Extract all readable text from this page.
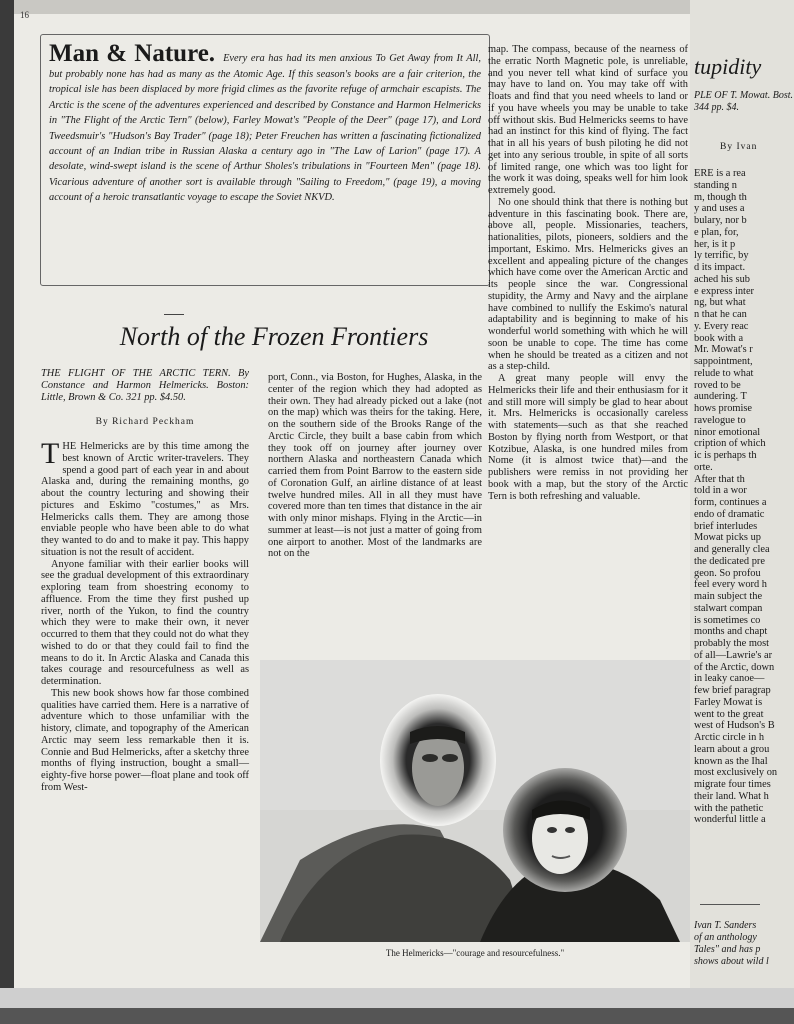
16
Man & Nature. Every era has had its men anxious To Get Away from It All, but probably none has had as many as the Atomic Age. If this season's books are a fair criterion, the tropical isle has been displaced by more frigid climes as the favorite refuge of armchair escapists. The Arctic is the scene of the adventures experienced and described by Constance and Harmon Helmericks in "The Flight of the Arctic Tern" (below), Farley Mowat's "People of the Deer" (page 17), and Lord Tweedsmuir's "Hudson's Bay Trader" (page 18); Peter Freuchen has written a fascinating fictionalized account of an Indian tribe in Russian Alaska a century ago in "The Law of Larion" (page 17). A desolate, wind-swept island is the scene of Arthur Sholes's tribulations in "Fourteen Men" (page 18). Vicarious adventure of another sort is available through "Sailing to Freedom," (page 19), a moving account of a heroic transatlantic voyage to escape the Soviet NKVD.
North of the Frozen Frontiers

THE FLIGHT OF THE ARCTIC TERN. By Constance and Harmon Helmericks. Boston: Little, Brown & Co. 321 pp. $4.50.

By Richard Peckham

THE Helmericks are by this time among the best known of Arctic writer-travelers. They spend a good part of each year in and about Alaska and, during the remaining months, go about the country lecturing and showing their pictures and Eskimo "costumes," as Mrs. Helmericks calls them. They are among those enviable people who have been able to do what they wanted to do and to make it pay. This happy situation is not the result of accident.

Anyone familiar with their earlier books will see the gradual development of this extraordinary exploring team from shoestring economy to affluence. From the time they first pushed up river, north of the Yukon, to find the country which they were to make their own, it never occurred to them that they could not do what they wished to do or that they could fail to find the means to do it. In Arctic Alaska and Canada this takes courage and resourcefulness as well as determination.

This new book shows how far those combined qualities have carried them. Here is a narrative of adventure which to those unfamiliar with the history, climate, and topography of the American Arctic may seem less remarkable then it is. Connie and Bud Helmericks, after a sketchy three months of flying instruction, bought a small—eighty-five horse power—float plane and took off from West-

port, Conn., via Boston, for Hughes, Alaska, in the center of the region which they had adopted as their own. They had already picked out a lake (not on the map) which was theirs for the taking. Here, on the southern side of the Brooks Range of the Arctic Circle, they built a base cabin from which they took off on journey after journey over northern Alaska and northeastern Canada which carried them from Point Barrow to the eastern side of Coronation Gulf, an airline distance of at least twelve hundred miles. All in all they must have covered more than ten times that distance in the air with only minor mishaps. Flying in the Arctic—in summer at least—is not just a matter of going from one airport to another. Most of the landmarks are not on the

map. The compass, because of the nearness of the erratic North Magnetic pole, is unreliable, and you never tell what kind of surface you may have to land on. You may take off with floats and find that you need wheels to land or if you have wheels you may be unable to take off without skis. Bud Helmericks seems to have had an instinct for this kind of flying. The fact that in all his years of bush piloting he did not get into any serious trouble, in spite of all sorts of limited range, one which was too light for the work it was doing, speaks well for him look extremely good.

No one should think that there is nothing but adventure in this fascinating book. There are, above all, people. Missionaries, teachers, nationalities, pilots, pioneers, soldiers and the important, Eskimo. Mrs. Helmericks gives an excellent and appealing picture of the changes which have come over the American Arctic and its people since the war. Congressional stupidity, the Army and Navy and the airplane have combined to nullify the Eskimo's natural adaptability and is beginning to make of his wonderful world something with which he will soon be unable to cope. The time has come when he should be treated as a citizen and not as a step-child.

A great many people will envy the Helmericks their life and their enthusiasm for it and still more will simply be glad to hear about it. Mrs. Helmericks is occasionally careless with statements—such as that she reached Boston by flying north from Westport, or that Kotzibue, Alaska, is one hundred miles from Nome (it is almost twice that)—and the publishers were remiss in not providing her book with a map, but the story of the Arctic Tern is both refreshing and valuable.

The Helmericks—"courage and resourcefulness."
tupidity
PLE OF T. Mowat. Bost. 344 pp. $4.
By Ivan
ERE is a rea
standing n
m, though th
y and uses a
bulary, nor b
e plan, for,
her, is it p
ly terrific, by
d its impact.
ached his sub
e express inter
ng, but what
n that he can
y. Every reac
book with a
Mr. Mowat's r
sappointment,
relude to what
roved to be
aundering. T
hows promise
ravelogue to
ninor emotional
cription of which
ic is perhaps th
orte.
After that th
told in a wor
form, continues a
endo of dramatic
brief interludes
Mowat picks up
and generally clea
the dedicated pre
geon. So profou
feel every word h
main subject the
stalwart compan
is sometimes co
months and chapt
probably the most
of all—Lawrie's ar
of the Arctic, down
in leaky canoe—
few brief paragrap
Farley Mowat is
went to the great
west of Hudson's B
Arctic circle in h
learn about a grou
known as the Ihal
most exclusively on
migrate four times
their land. What h
with the pathetic
wonderful little a
Ivan T. Sanders
of an anthology
Tales" and has p
shows about wild l
